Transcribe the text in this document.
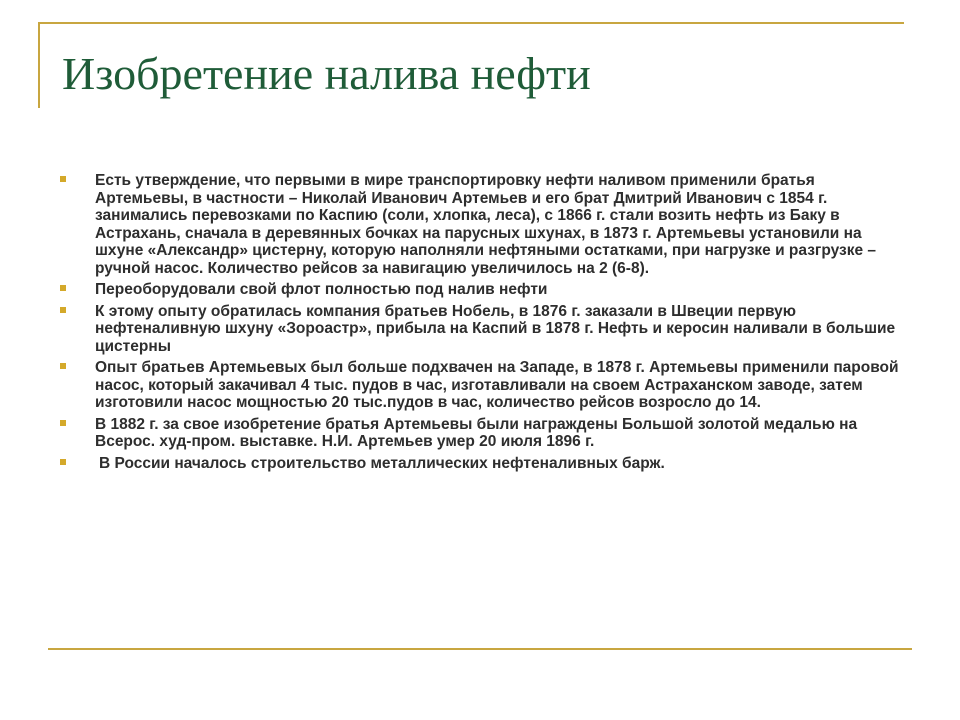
Изобретение налива нефти
Есть утверждение, что первыми в мире транспортировку нефти наливом применили братья Артемьевы, в частности – Николай Иванович Артемьев и его брат Дмитрий Иванович с 1854 г. занимались перевозками по Каспию (соли, хлопка, леса), с 1866 г. стали возить нефть из Баку в Астрахань, сначала в деревянных бочках на парусных шхунах, в 1873 г. Артемьевы установили на шхуне «Александр» цистерну, которую наполняли нефтяными остатками, при нагрузке и разгрузке – ручной насос. Количество рейсов за навигацию увеличилось на 2 (6-8).
Переоборудовали свой флот полностью под налив нефти
К этому опыту обратилась компания братьев Нобель, в 1876 г. заказали в Швеции первую нефтеналивную шхуну «Зороастр», прибыла на Каспий в 1878 г. Нефть и керосин наливали в большие цистерны
Опыт братьев Артемьевых был больше подхвачен на Западе, в 1878 г. Артемьевы применили паровой насос, который закачивал 4 тыс. пудов в час, изготавливали на своем Астраханском заводе, затем изготовили насос мощностью 20 тыс.пудов в час, количество рейсов возросло до 14.
В 1882 г. за свое изобретение братья Артемьевы были награждены Большой золотой медалью на Всерос. худ-пром. выставке. Н.И. Артемьев умер 20 июля 1896 г.
В России началось строительство металлических нефтеналивных барж.
